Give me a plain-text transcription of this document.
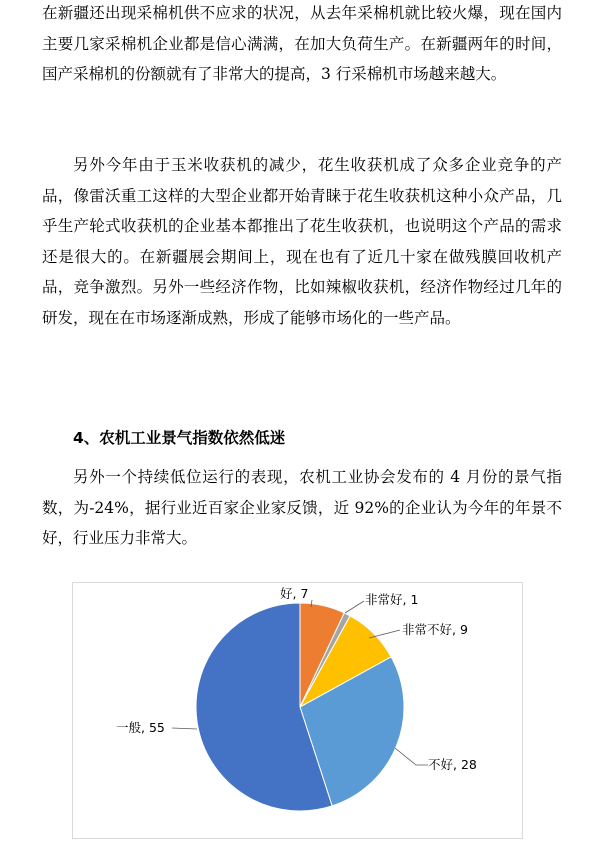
在新疆还出现采棉机供不应求的状况，从去年采棉机就比较火爆，现在国内主要几家采棉机企业都是信心满满，在加大负荷生产。在新疆两年的时间，国产采棉机的份额就有了非常大的提高，3 行采棉机市场越来越大。

另外今年由于玉米收获机的减少，花生收获机成了众多企业竞争的产品，像雷沃重工这样的大型企业都开始青睐于花生收获机这种小众产品，几乎生产轮式收获机的企业基本都推出了花生收获机，也说明这个产品的需求还是很大的。在新疆展会期间上，现在也有了近几十家在做残膜回收机产品，竞争激烈。另外一些经济作物，比如辣椒收获机，经济作物经过几年的研发，现在在市场逐渐成熟，形成了能够市场化的一些产品。

4、农机工业景气指数依然低迷

另外一个持续低位运行的表现，农机工业协会发布的 4 月份的景气指数，为-24%，据行业近百家企业家反馈，近 92%的企业认为今年的年景不好，行业压力非常大。

好, 7	非常好, 1
非常不好, 9
不好, 28
一般, 55
